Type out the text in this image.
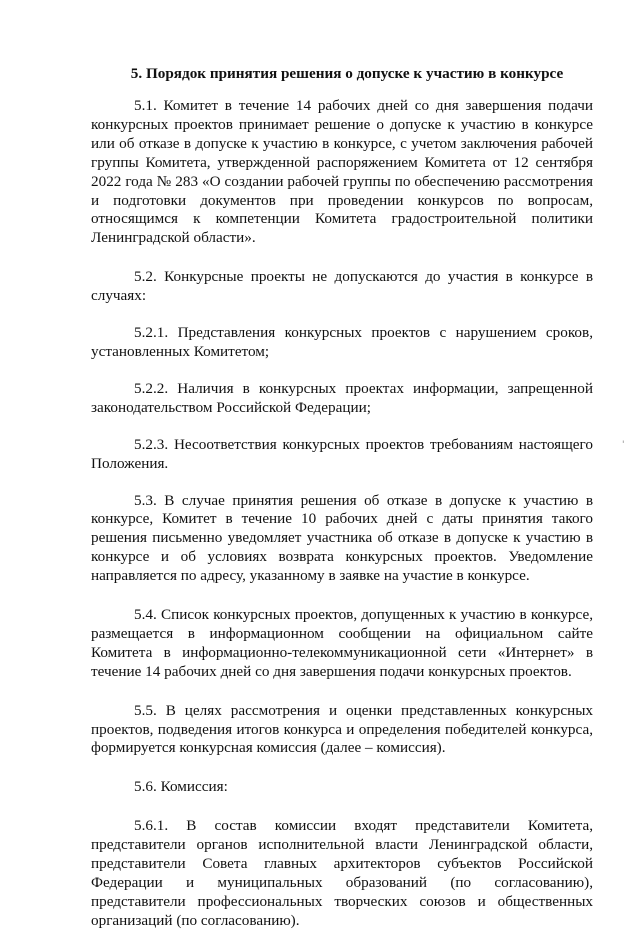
5. Порядок принятия решения о допуске к участию в конкурсе

5.1. Комитет в течение 14 рабочих дней со дня завершения подачи конкурсных проектов принимает решение о допуске к участию в конкурсе или об отказе в допуске к участию в конкурсе, с учетом заключения рабочей группы Комитета, утвержденной распоряжением Комитета от 12 сентября 2022 года № 283 «О создании рабочей группы по обеспечению рассмотрения и подготовки документов при проведении конкурсов по вопросам, относящимся к компетенции Комитета градостроительной политики Ленинградской области».

5.2. Конкурсные проекты не допускаются до участия в конкурсе в случаях:

5.2.1. Представления конкурсных проектов с нарушением сроков, установленных Комитетом;

5.2.2. Наличия в конкурсных проектах информации, запрещенной законодательством Российской Федерации;

5.2.3. Несоответствия конкурсных проектов требованиям настоящего Положения.

5.3. В случае принятия решения об отказе в допуске к участию в конкурсе, Комитет в течение 10 рабочих дней с даты принятия такого решения письменно уведомляет участника об отказе в допуске к участию в конкурсе и об условиях возврата конкурсных проектов. Уведомление направляется по адресу, указанному в заявке на участие в конкурсе.

5.4. Список конкурсных проектов, допущенных к участию в конкурсе, размещается в информационном сообщении на официальном сайте Комитета в информационно-телекоммуникационной сети «Интернет» в течение 14 рабочих дней со дня завершения подачи конкурсных проектов.

5.5. В целях рассмотрения и оценки представленных конкурсных проектов, подведения итогов конкурса и определения победителей конкурса, формируется конкурсная комиссия (далее – комиссия).

5.6. Комиссия:

5.6.1. В состав комиссии входят представители Комитета, представители органов исполнительной власти Ленинградской области, представители Совета главных архитекторов субъектов Российской Федерации и муниципальных образований (по согласованию), представители профессиональных творческих союзов и общественных организаций (по согласованию).

'
